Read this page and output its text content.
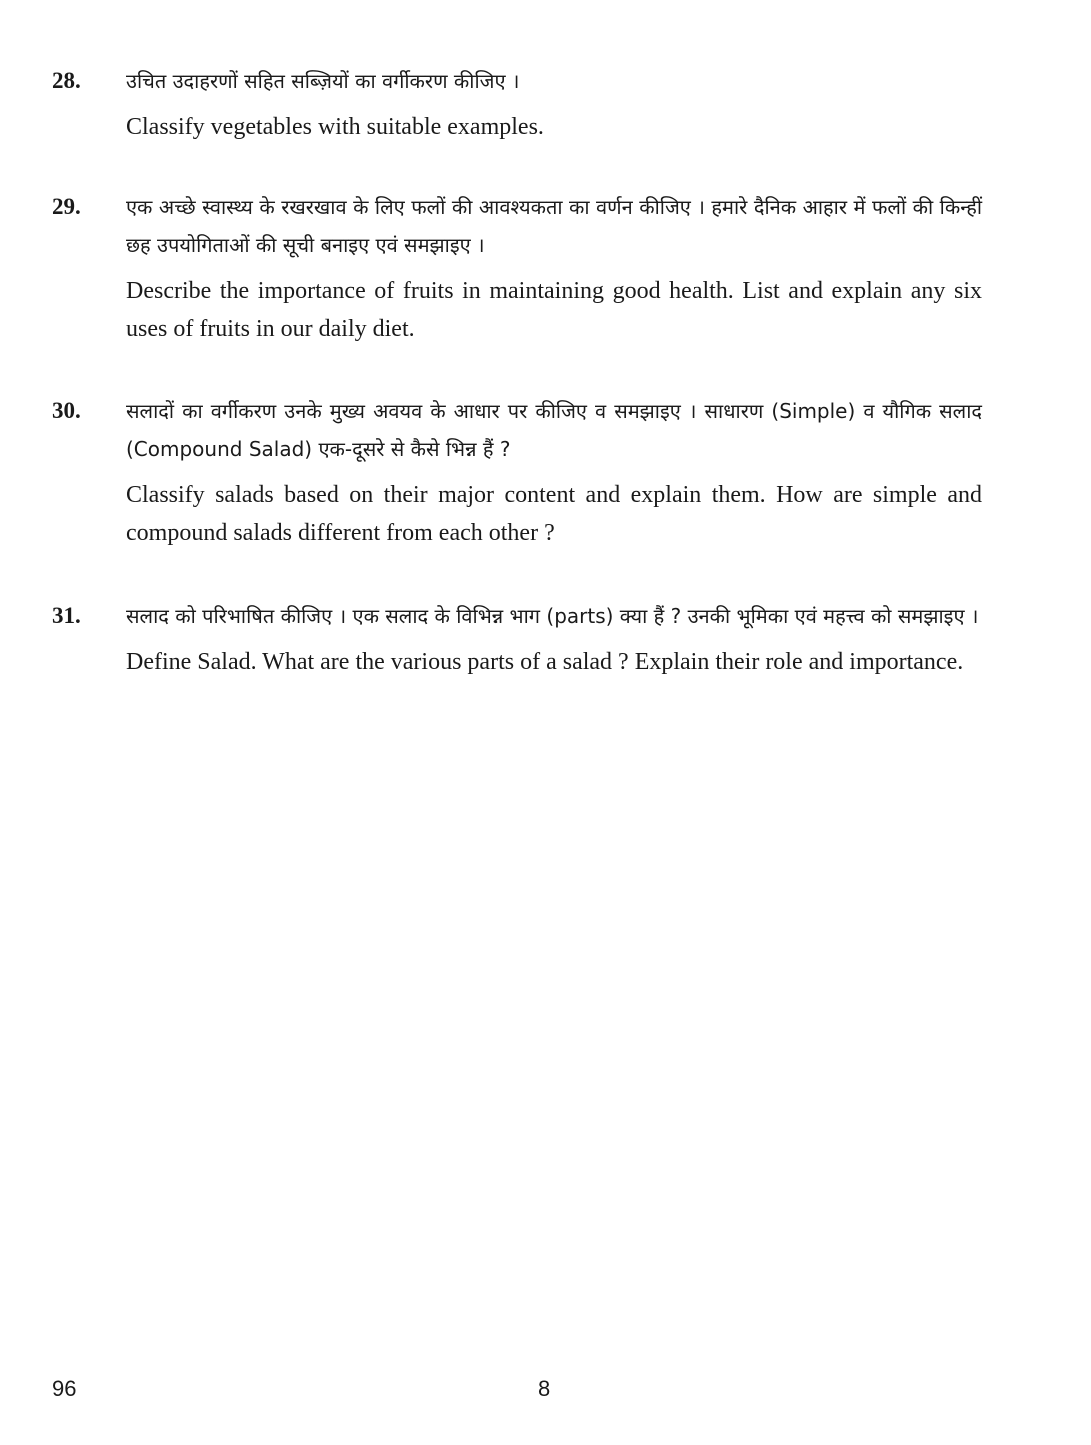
28. उचित उदाहरणों सहित सब्ज़ियों का वर्गीकरण कीजिए ।

Classify vegetables with suitable examples.

29. एक अच्छे स्वास्थ्य के रखरखाव के लिए फलों की आवश्यकता का वर्णन कीजिए । हमारे दैनिक आहार में फलों की किन्हीं छह उपयोगिताओं की सूची बनाइए एवं समझाइए ।

Describe the importance of fruits in maintaining good health. List and explain any six uses of fruits in our daily diet.

30. सलादों का वर्गीकरण उनके मुख्य अवयव के आधार पर कीजिए व समझाइए । साधारण (Simple) व यौगिक सलाद (Compound Salad) एक-दूसरे से कैसे भिन्न हैं ?

Classify salads based on their major content and explain them. How are simple and compound salads different from each other ?

31. सलाद को परिभाषित कीजिए । एक सलाद के विभिन्न भाग (parts) क्या हैं ? उनकी भूमिका एवं महत्त्व को समझाइए ।

Define Salad. What are the various parts of a salad ? Explain their role and importance.

96	8
